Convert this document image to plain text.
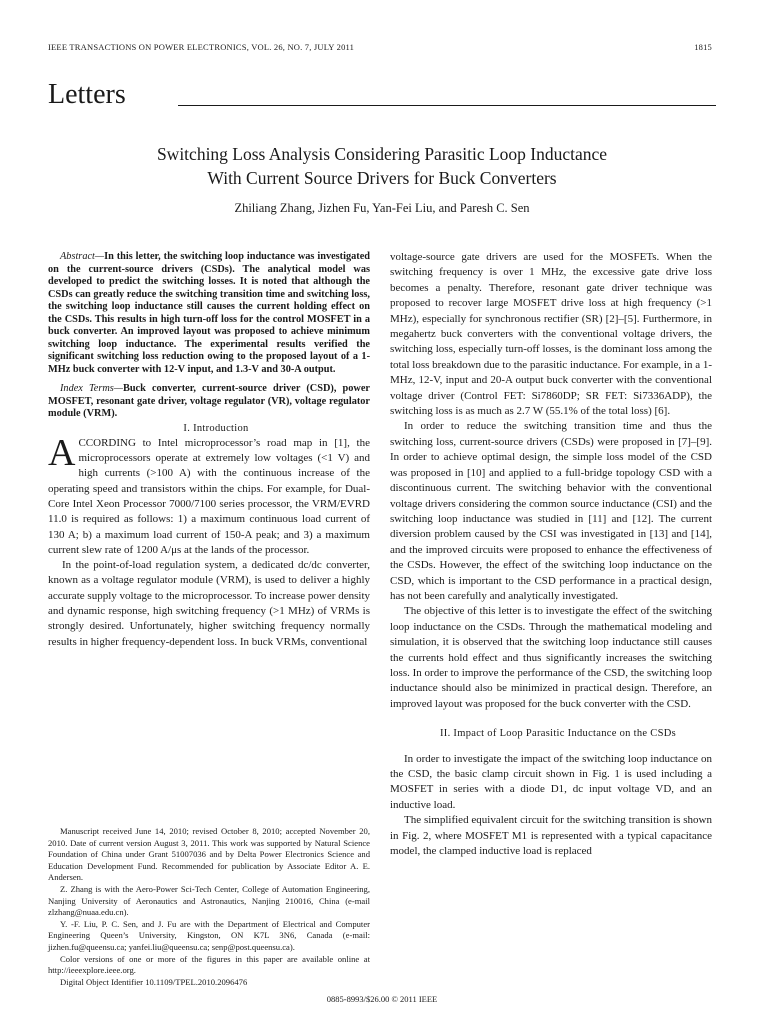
IEEE TRANSACTIONS ON POWER ELECTRONICS, VOL. 26, NO. 7, JULY 2011	1815
Letters
Switching Loss Analysis Considering Parasitic Loop Inductance
With Current Source Drivers for Buck Converters
Zhiliang Zhang, Jizhen Fu, Yan-Fei Liu, and Paresh C. Sen

Abstract—In this letter, the switching loop inductance was investigated on the current-source drivers (CSDs). The analytical model was developed to predict the switching losses. It is noted that although the CSDs can greatly reduce the switching transition time and switching loss, the switching loop inductance still causes the current holding effect on the CSDs. This results in high turn-off loss for the control MOSFET in a buck converter. An improved layout was proposed to achieve minimum switching loop inductance. The experimental results verified the significant switching loss reduction owing to the proposed layout of a 1-MHz buck converter with 12-V input, and 1.3-V and 30-A output.

Index Terms—Buck converter, current-source driver (CSD), power MOSFET, resonant gate driver, voltage regulator (VR), voltage regulator module (VRM).

I. Introduction

ACCORDING to Intel microprocessor’s road map in [1], the microprocessors operate at extremely low voltages (<1 V) and high currents (>100 A) with the continuous increase of the operating speed and transistors within the chips. For example, for Dual-Core Intel Xeon Processor 7000/7100 series processor, the VRM/EVRD 11.0 is required as follows: 1) a maximum continuous load current of 130 A; b) a maximum load current of 150-A peak; and 3) a maximum current slew rate of 1200 A/μs at the lands of the processor.

In the point-of-load regulation system, a dedicated dc/dc converter, known as a voltage regulator module (VRM), is used to deliver a highly accurate supply voltage to the microprocessor. To increase power density and dynamic response, high switching frequency (>1 MHz) of VRMs is strongly desired. Unfortunately, higher switching frequency normally results in higher frequency-dependent loss. In buck VRMs, conventional

Manuscript received June 14, 2010; revised October 8, 2010; accepted November 20, 2010. Date of current version August 3, 2011. This work was supported by Natural Science Foundation of China under Grant 51007036 and by Delta Power Electronics Science and Education Development Fund. Recommended for publication by Associate Editor A. E. Andersen.

Z. Zhang is with the Aero-Power Sci-Tech Center, College of Automation Engineering, Nanjing University of Aeronautics and Astronautics, Nanjing 210016, China (e-mail zlzhang@nuaa.edu.cn).

Y. -F. Liu, P. C. Sen, and J. Fu are with the Department of Electrical and Computer Engineering Queen’s University, Kingston, ON K7L 3N6, Canada (e-mail: jizhen.fu@queensu.ca; yanfei.liu@queensu.ca; senp@post.queensu.ca).

Color versions of one or more of the figures in this paper are available online at http://ieeexplore.ieee.org.

Digital Object Identifier 10.1109/TPEL.2010.2096476

voltage-source gate drivers are used for the MOSFETs. When the switching frequency is over 1 MHz, the excessive gate drive loss becomes a penalty. Therefore, resonant gate driver technique was proposed to recover large MOSFET drive loss at high frequency (>1 MHz), especially for synchronous rectifier (SR) [2]–[5]. Furthermore, in megahertz buck converters with the conventional voltage drivers, the switching loss, especially turn-off losses, is the dominant loss among the total loss breakdown due to the parasitic inductance. For example, in a 1-MHz, 12-V, input and 20-A output buck converter with the conventional voltage driver (Control FET: Si7860DP; SR FET: Si7336ADP), the switching loss is as much as 2.7 W (55.1% of the total loss) [6].

In order to reduce the switching transition time and thus the switching loss, current-source drivers (CSDs) were proposed in [7]–[9]. In order to achieve optimal design, the simple loss model of the CSD was proposed in [10] and applied to a full-bridge topology CSD with a discontinuous current. The switching behavior with the conventional voltage drivers considering the common source inductance (CSI) and the switching loop inductance was studied in [11] and [12]. The current diversion problem caused by the CSI was investigated in [13] and [14], and the improved circuits were proposed to enhance the effectiveness of the CSDs. However, the effect of the switching loop inductance on the CSD, which is important to the CSD performance in a practical design, has not been carefully and analytically investigated.

The objective of this letter is to investigate the effect of the switching loop inductance on the CSDs. Through the mathematical modeling and simulation, it is observed that the switching loop inductance still causes the currents hold effect and thus significantly increases the switching loss. In order to improve the performance of the CSD, the switching loop inductance should also be minimized in practical design. Therefore, an improved layout was proposed for the buck converter with the CSD.

II. Impact of Loop Parasitic Inductance on the CSDs

In order to investigate the impact of the switching loop inductance on the CSD, the basic clamp circuit shown in Fig. 1 is used including a MOSFET in series with a diode D1, dc input voltage VD, and an inductive load.

The simplified equivalent circuit for the switching transition is shown in Fig. 2, where MOSFET M1 is represented with a typical capacitance model, the clamped inductive load is replaced

0885-8993/$26.00 © 2011 IEEE
